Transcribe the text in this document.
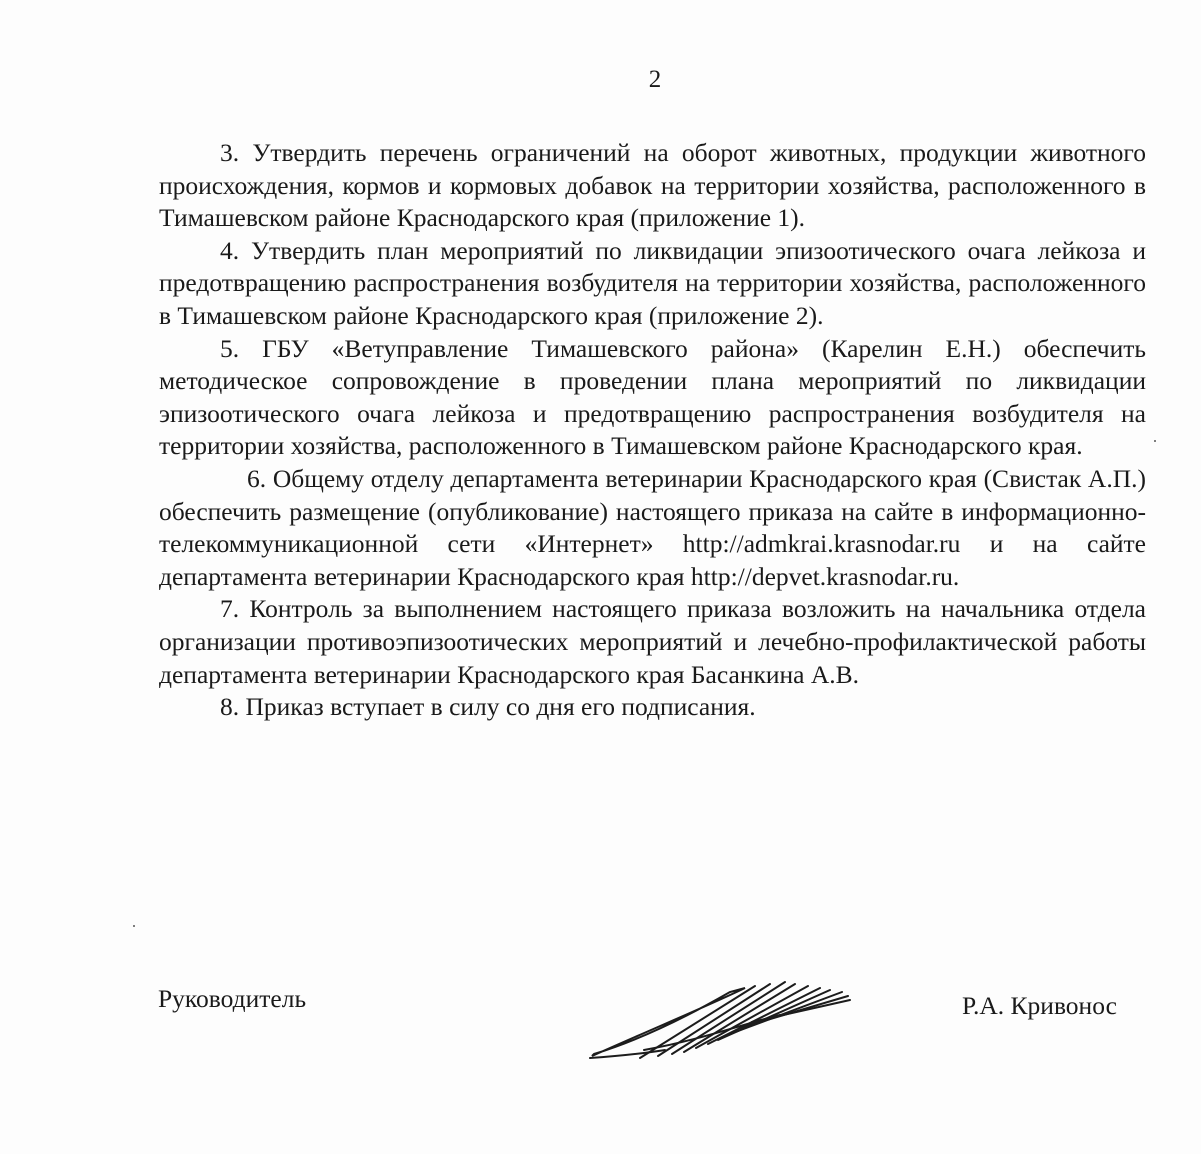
2

3. Утвердить перечень ограничений на оборот животных, продукции животного происхождения, кормов и кормовых добавок на территории хозяйства, расположенного в Тимашевском районе Краснодарского края (приложение 1).

4. Утвердить план мероприятий по ликвидации эпизоотического очага лейкоза и предотвращению распространения возбудителя на территории хозяйства, расположенного в Тимашевском районе Краснодарского края (приложение 2).

5. ГБУ «Ветуправление Тимашевского района» (Карелин Е.Н.) обеспечить методическое сопровождение в проведении плана мероприятий по ликвидации эпизоотического очага лейкоза и предотвращению распространения возбудителя на территории хозяйства, расположенного в Тимашевском районе Краснодарского края.

6. Общему отделу департамента ветеринарии Краснодарского края (Свистак А.П.) обеспечить размещение (опубликование) настоящего приказа на сайте в информационно-телекоммуникационной сети «Интернет» http://admkrai.krasnodar.ru и на сайте департамента ветеринарии Краснодарского края http://depvet.krasnodar.ru.

7. Контроль за выполнением настоящего приказа возложить на начальника отдела организации противоэпизоотических мероприятий и лечебно-профилактической работы департамента ветеринарии Краснодарского края Басанкина А.В.

8. Приказ вступает в силу со дня его подписания.

Руководитель	Р.А. Кривонос
